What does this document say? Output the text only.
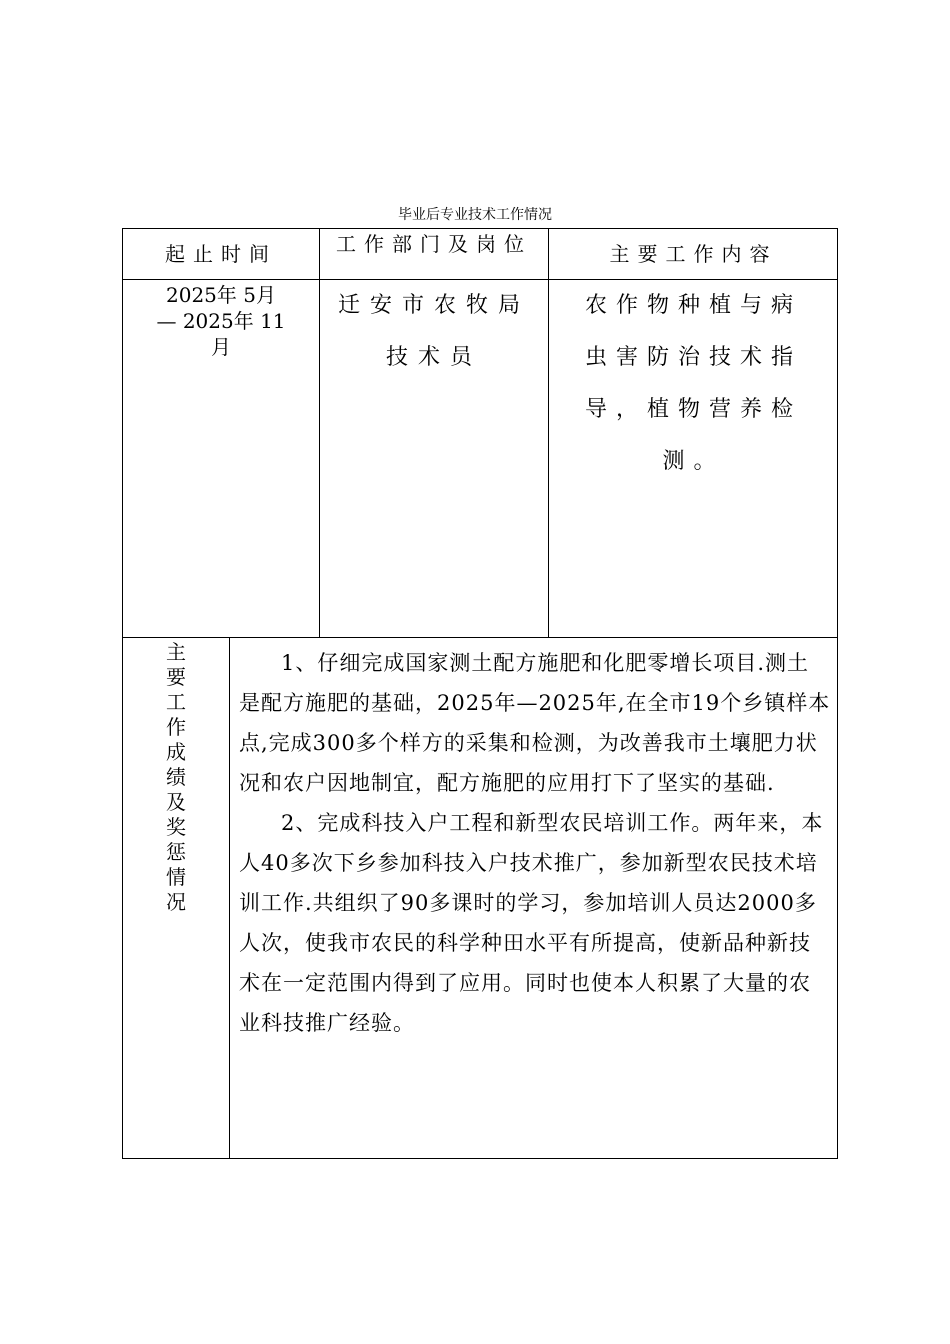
毕业后专业技术工作情况
起止时间	工作部门及岗位	主要工作内容
2025年 5月
— 2025年 11
月
迁安市农牧局
技术员
农作物种植与病虫害防治技术指导，植物营养检测。
主
要
工
作
成
绩
及
奖
惩
情
况

1、仔细完成国家测土配方施肥和化肥零增长项目.测土是配方施肥的基础，2025年—2025年,在全市19个乡镇样本点,完成300多个样方的采集和检测，为改善我市土壤肥力状况和农户因地制宜，配方施肥的应用打下了坚实的基础.

2、完成科技入户工程和新型农民培训工作。两年来，本人40多次下乡参加科技入户技术推广，参加新型农民技术培训工作.共组织了90多课时的学习，参加培训人员达2000多人次，使我市农民的科学种田水平有所提高，使新品种新技术在一定范围内得到了应用。同时也使本人积累了大量的农业科技推广经验。
